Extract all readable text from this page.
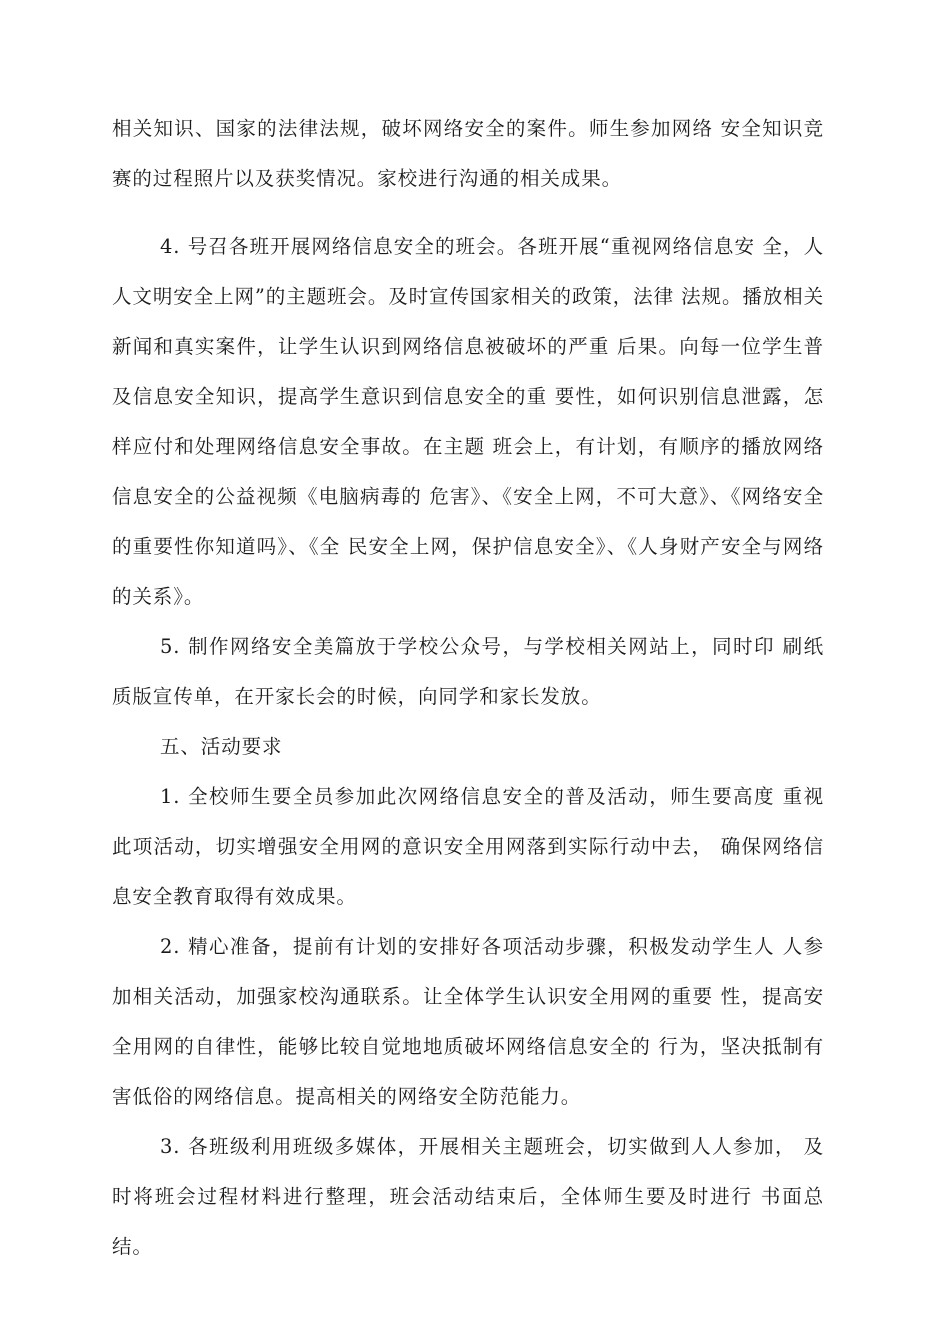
相关知识、国家的法律法规，破坏网络安全的案件。师生参加网络 安全知识竞赛的过程照片以及获奖情况。家校进行沟通的相关成果。

4. 号召各班开展网络信息安全的班会。各班开展“重视网络信息安 全，人人文明安全上网”的主题班会。及时宣传国家相关的政策，法律 法规。播放相关新闻和真实案件，让学生认识到网络信息被破坏的严重 后果。向每一位学生普及信息安全知识，提高学生意识到信息安全的重 要性，如何识别信息泄露，怎样应付和处理网络信息安全事故。在主题 班会上，有计划，有顺序的播放网络信息安全的公益视频《电脑病毒的 危害》、《安全上网，不可大意》、《网络安全的重要性你知道吗》、《全 民安全上网，保护信息安全》、《人身财产安全与网络的关系》。

5. 制作网络安全美篇放于学校公众号，与学校相关网站上，同时印 刷纸质版宣传单，在开家长会的时候，向同学和家长发放。

五、活动要求

1. 全校师生要全员参加此次网络信息安全的普及活动，师生要高度 重视此项活动，切实增强安全用网的意识安全用网落到实际行动中去， 确保网络信息安全教育取得有效成果。

2. 精心准备，提前有计划的安排好各项活动步骤，积极发动学生人 人参加相关活动，加强家校沟通联系。让全体学生认识安全用网的重要 性，提高安全用网的自律性，能够比较自觉地地质破坏网络信息安全的 行为，坚决抵制有害低俗的网络信息。提高相关的网络安全防范能力。

3. 各班级利用班级多媒体，开展相关主题班会，切实做到人人参加， 及时将班会过程材料进行整理，班会活动结束后，全体师生要及时进行 书面总结。
